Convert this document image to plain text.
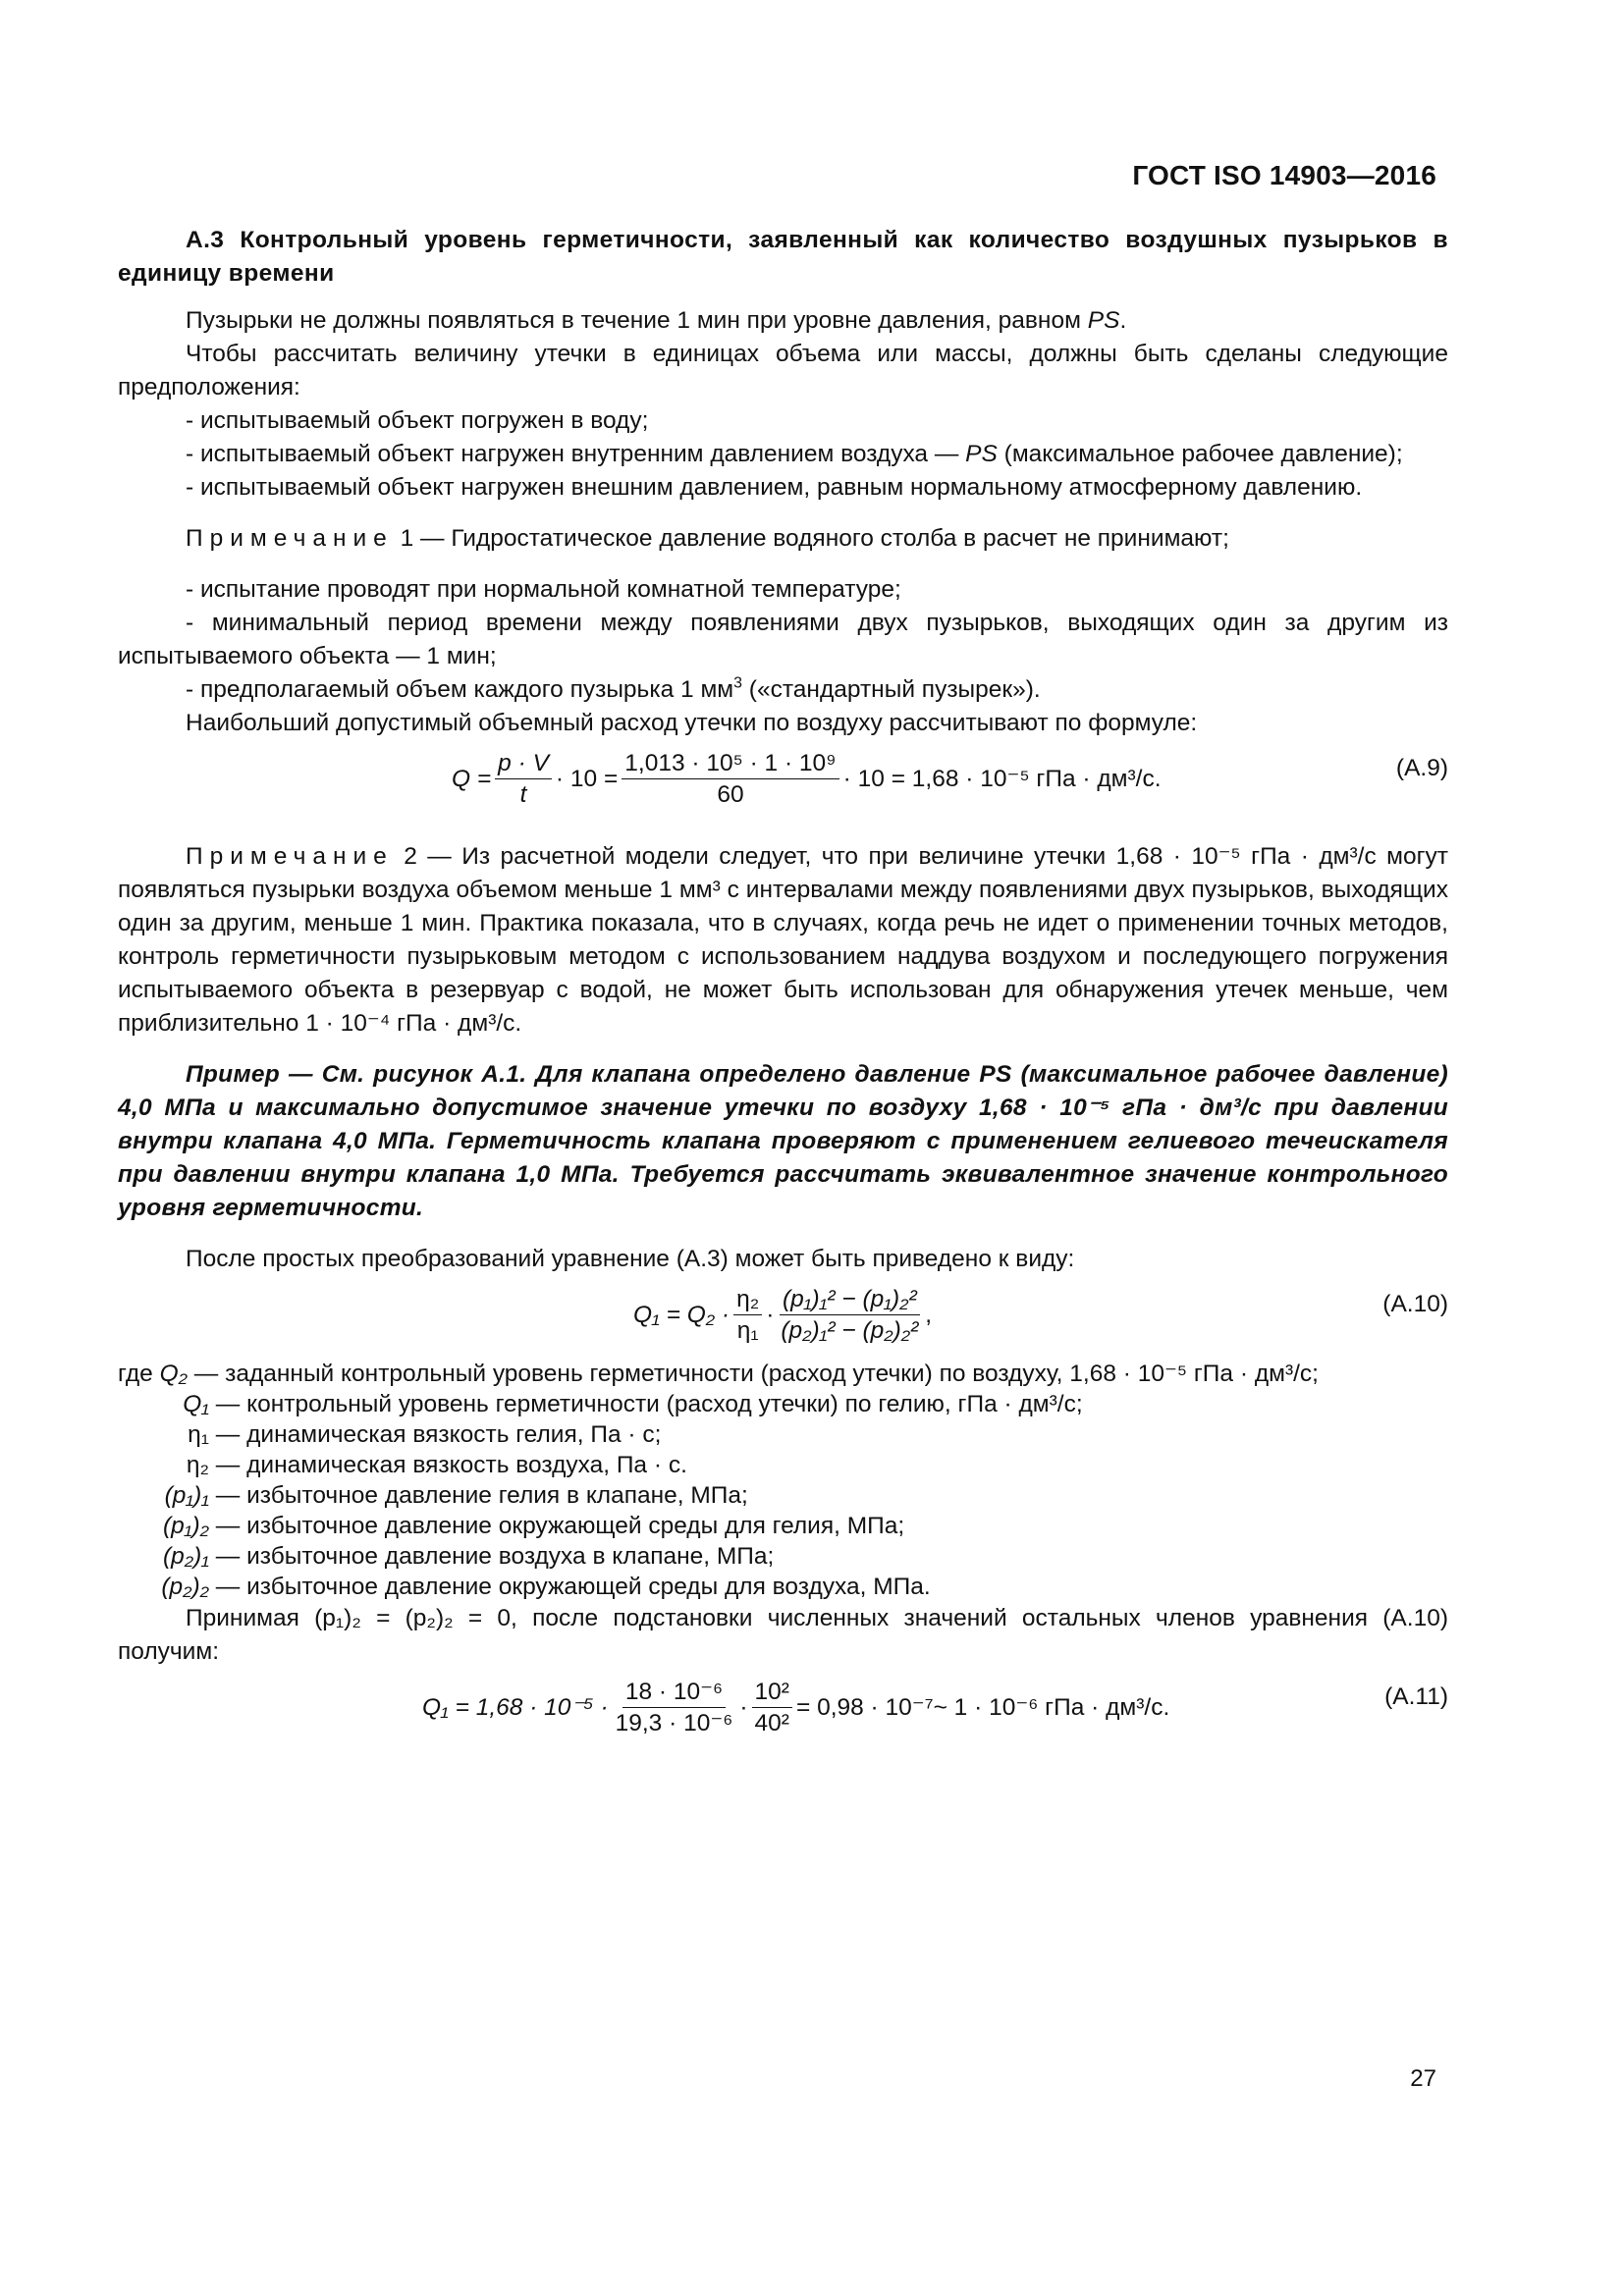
ГОСТ ISO 14903—2016

А.3 Контрольный уровень герметичности, заявленный как количество воздушных пузырьков в единицу времени

Пузырьки не должны появляться в течение 1 мин при уровне давления, равном PS.

Чтобы рассчитать величину утечки в единицах объема или массы, должны быть сделаны следующие предположения:

- испытываемый объект погружен в воду;

- испытываемый объект нагружен внутренним давлением воздуха — PS (максимальное рабочее давление);

- испытываемый объект нагружен внешним давлением, равным нормальному атмосферному давлению.

Примечание 1 — Гидростатическое давление водяного столба в расчет не принимают;

- испытание проводят при нормальной комнатной температуре;

- минимальный период времени между появлениями двух пузырьков, выходящих один за другим из испытываемого объекта — 1 мин;

- предполагаемый объем каждого пузырька 1 $мм^3$ («стандартный пузырек»).

Наибольший допустимый объемный расход утечки по воздуху рассчитывают по формуле:

$Q = \frac{p \cdot V}{t} \cdot 10 = \frac{\text{1,013 · 10⁵ · 1 · 10⁹}}{60} \cdot 10 = 1,68 \cdot 10^{-5}$ гПа · дм³/с.	(А.9)

Примечание 2 — Из расчетной модели следует, что при величине утечки 1,68 · 10⁻⁵ гПа · дм³/с могут появляться пузырьки воздуха объемом меньше 1 мм³ с интервалами между появлениями двух пузырьков, выходящих один за другим, меньше 1 мин. Практика показала, что в случаях, когда речь не идет о применении точных методов, контроль герметичности пузырьковым методом с использованием наддува воздухом и последующего погружения испытываемого объекта в резервуар с водой, не может быть использован для обнаружения утечек меньше, чем приблизительно 1 · 10⁻⁴ гПа · дм³/с.

Пример — См. рисунок А.1. Для клапана определено давление PS (максимальное рабочее давление) 4,0 МПа и максимально допустимое значение утечки по воздуху 1,68 · 10⁻⁵ гПа · дм³/с при давлении внутри клапана 4,0 МПа. Герметичность клапана проверяют с применением гелиевого течеискателя при давлении внутри клапана 1,0 МПа. Требуется рассчитать эквивалентное значение контрольного уровня герметичности.

После простых преобразований уравнение (А.3) может быть приведено к виду:

$Q_1 = Q_2 \cdot \frac{\text{η₂}}{\text{η₁}} \cdot \frac{\text{(p₁)₁² − (p₁)₂²}}{\text{(p₂)₁² − (p₂)₂²}}$ ,	(А.10)

где Q₂ — заданный контрольный уровень герметичности (расход утечки) по воздуху, 1,68 · 10⁻⁵ гПа · дм³/с;

Q₁ — контрольный уровень герметичности (расход утечки) по гелию, гПа · дм³/с;

η₁ — динамическая вязкость гелия, Па · с;

η₂ — динамическая вязкость воздуха, Па · с.

(p₁)₁ — избыточное давление гелия в клапане, МПа;

(p₁)₂ — избыточное давление окружающей среды для гелия, МПа;

(p₂)₁ — избыточное давление воздуха в клапане, МПа;

(p₂)₂ — избыточное давление окружающей среды для воздуха, МПа.

Принимая (p₁)₂ = (p₂)₂ = 0, после подстановки численных значений остальных членов уравнения (А.10) получим:

$Q_1 = 1,68 \cdot 10^{-5} \cdot \frac{\text{18 · 10⁻⁶}}{\text{19,3 · 10⁻⁶}} \cdot \frac{\text{10²}}{\text{40²}} = 0,98$ · 10⁻⁷~ 1 · 10⁻⁶ гПа · дм³/с.	(А.11)
27
